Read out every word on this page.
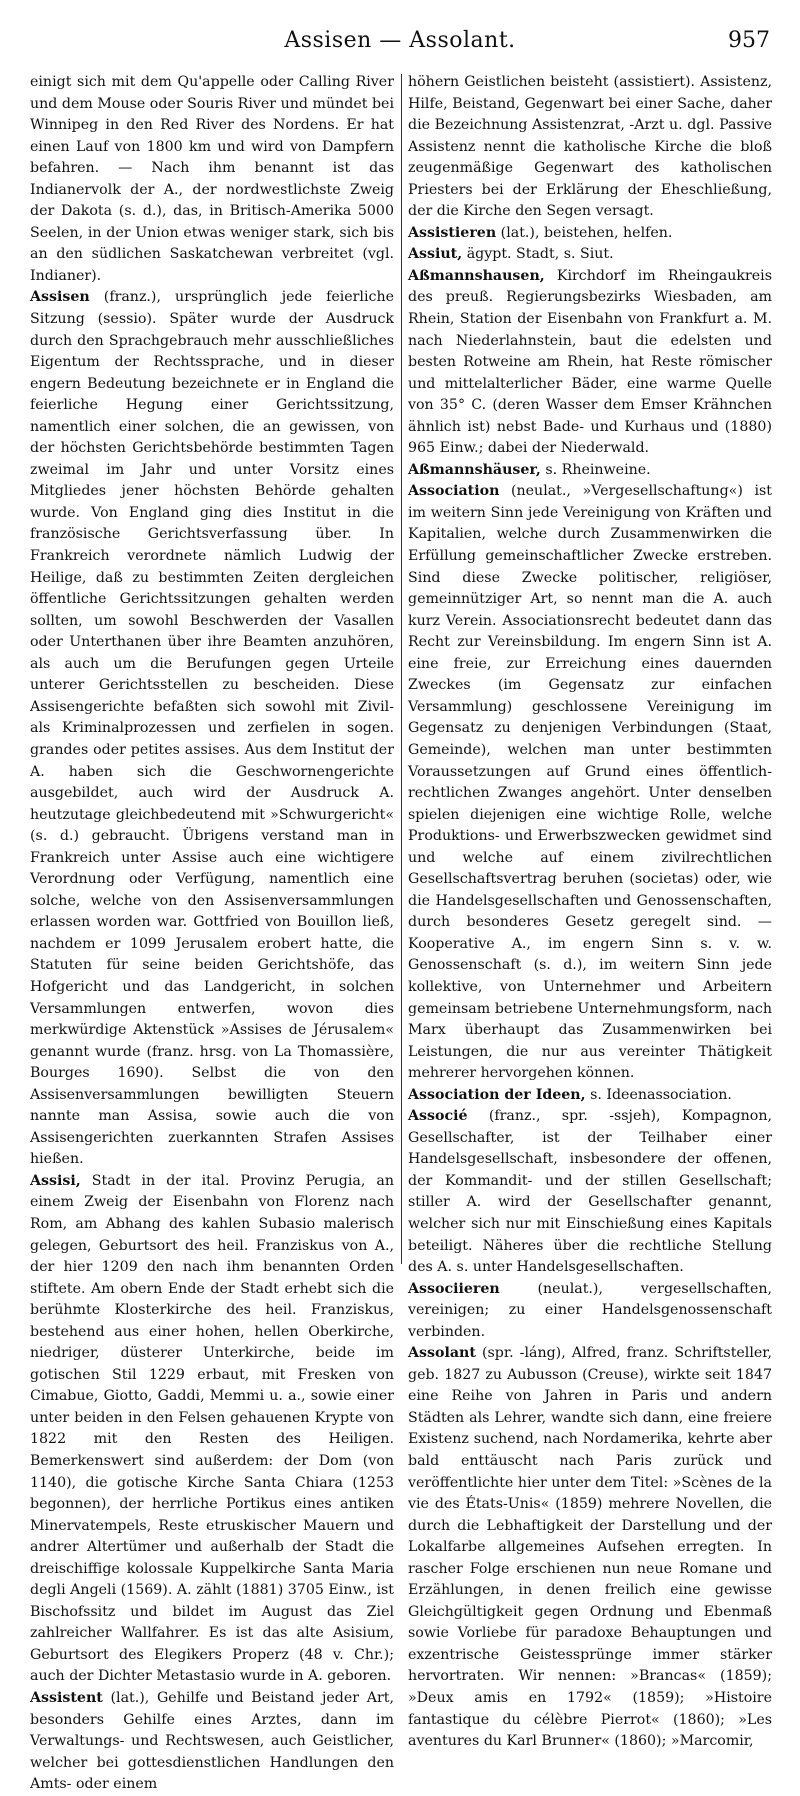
Assisen — Assolant.	957

einigt sich mit dem Qu'appelle oder Calling River und dem Mouse oder Souris River und mündet bei Winnipeg in den Red River des Nordens. Er hat einen Lauf von 1800 km und wird von Dampfern befahren. — Nach ihm benannt ist das Indianervolk der A., der nordwestlichste Zweig der Dakota (s. d.), das, in Britisch-Amerika 5000 Seelen, in der Union etwas weniger stark, sich bis an den südlichen Saskatchewan verbreitet (vgl. Indianer).

Assisen (franz.), ursprünglich jede feierliche Sitzung (sessio). Später wurde der Ausdruck durch den Sprachgebrauch mehr ausschließliches Eigentum der Rechtssprache, und in dieser engern Bedeutung bezeichnete er in England die feierliche Hegung einer Gerichtssitzung, namentlich einer solchen, die an gewissen, von der höchsten Gerichtsbehörde bestimmten Tagen zweimal im Jahr und unter Vorsitz eines Mitgliedes jener höchsten Behörde gehalten wurde. Von England ging dies Institut in die französische Gerichtsverfassung über. In Frankreich verordnete nämlich Ludwig der Heilige, daß zu bestimmten Zeiten dergleichen öffentliche Gerichtssitzungen gehalten werden sollten, um sowohl Beschwerden der Vasallen oder Unterthanen über ihre Beamten anzuhören, als auch um die Berufungen gegen Urteile unterer Gerichtsstellen zu bescheiden. Diese Assisengerichte befaßten sich sowohl mit Zivil- als Kriminalprozessen und zerfielen in sogen. grandes oder petites assises. Aus dem Institut der A. haben sich die Geschwornengerichte ausgebildet, auch wird der Ausdruck A. heutzutage gleichbedeutend mit »Schwurgericht« (s. d.) gebraucht. Übrigens verstand man in Frankreich unter Assise auch eine wichtigere Verordnung oder Verfügung, namentlich eine solche, welche von den Assisenversammlungen erlassen worden war. Gottfried von Bouillon ließ, nachdem er 1099 Jerusalem erobert hatte, die Statuten für seine beiden Gerichtshöfe, das Hofgericht und das Landgericht, in solchen Versammlungen entwerfen, wovon dies merkwürdige Aktenstück »Assises de Jérusalem« genannt wurde (franz. hrsg. von La Thomassière, Bourges 1690). Selbst die von den Assisenversammlungen bewilligten Steuern nannte man Assisa, sowie auch die von Assisengerichten zuerkannten Strafen Assises hießen.

Assisi, Stadt in der ital. Provinz Perugia, an einem Zweig der Eisenbahn von Florenz nach Rom, am Abhang des kahlen Subasio malerisch gelegen, Geburtsort des heil. Franziskus von A., der hier 1209 den nach ihm benannten Orden stiftete. Am obern Ende der Stadt erhebt sich die berühmte Klosterkirche des heil. Franziskus, bestehend aus einer hohen, hellen Oberkirche, niedriger, düsterer Unterkirche, beide im gotischen Stil 1229 erbaut, mit Fresken von Cimabue, Giotto, Gaddi, Memmi u. a., sowie einer unter beiden in den Felsen gehauenen Krypte von 1822 mit den Resten des Heiligen. Bemerkenswert sind außerdem: der Dom (von 1140), die gotische Kirche Santa Chiara (1253 begonnen), der herrliche Portikus eines antiken Minervatempels, Reste etruskischer Mauern und andrer Altertümer und außerhalb der Stadt die dreischiffige kolossale Kuppelkirche Santa Maria degli Angeli (1569). A. zählt (1881) 3705 Einw., ist Bischofssitz und bildet im August das Ziel zahlreicher Wallfahrer. Es ist das alte Asisium, Geburtsort des Elegikers Properz (48 v. Chr.); auch der Dichter Metastasio wurde in A. geboren.

Assistent (lat.), Gehilfe und Beistand jeder Art, besonders Gehilfe eines Arztes, dann im Verwaltungs- und Rechtswesen, auch Geistlicher, welcher bei gottesdienstlichen Handlungen den Amts- oder einem

höhern Geistlichen beisteht (assistiert). Assistenz, Hilfe, Beistand, Gegenwart bei einer Sache, daher die Bezeichnung Assistenzrat, -Arzt u. dgl. Passive Assistenz nennt die katholische Kirche die bloß zeugenmäßige Gegenwart des katholischen Priesters bei der Erklärung der Eheschließung, der die Kirche den Segen versagt.

Assistieren (lat.), beistehen, helfen.

Assiut, ägypt. Stadt, s. Siut.

Aßmannshausen, Kirchdorf im Rheingaukreis des preuß. Regierungsbezirks Wiesbaden, am Rhein, Station der Eisenbahn von Frankfurt a. M. nach Niederlahnstein, baut die edelsten und besten Rotweine am Rhein, hat Reste römischer und mittelalterlicher Bäder, eine warme Quelle von 35° C. (deren Wasser dem Emser Krähnchen ähnlich ist) nebst Bade- und Kurhaus und (1880) 965 Einw.; dabei der Niederwald.

Aßmannshäuser, s. Rheinweine.

Association (neulat., »Vergesellschaftung«) ist im weitern Sinn jede Vereinigung von Kräften und Kapitalien, welche durch Zusammenwirken die Erfüllung gemeinschaftlicher Zwecke erstreben. Sind diese Zwecke politischer, religiöser, gemeinnütziger Art, so nennt man die A. auch kurz Verein. Associationsrecht bedeutet dann das Recht zur Vereinsbildung. Im engern Sinn ist A. eine freie, zur Erreichung eines dauernden Zweckes (im Gegensatz zur einfachen Versammlung) geschlossene Vereinigung im Gegensatz zu denjenigen Verbindungen (Staat, Gemeinde), welchen man unter bestimmten Voraussetzungen auf Grund eines öffentlich-rechtlichen Zwanges angehört. Unter denselben spielen diejenigen eine wichtige Rolle, welche Produktions- und Erwerbszwecken gewidmet sind und welche auf einem zivilrechtlichen Gesellschaftsvertrag beruhen (societas) oder, wie die Handelsgesellschaften und Genossenschaften, durch besonderes Gesetz geregelt sind. — Kooperative A., im engern Sinn s. v. w. Genossenschaft (s. d.), im weitern Sinn jede kollektive, von Unternehmer und Arbeitern gemeinsam betriebene Unternehmungsform, nach Marx überhaupt das Zusammenwirken bei Leistungen, die nur aus vereinter Thätigkeit mehrerer hervorgehen können.

Association der Ideen, s. Ideenassociation.

Associé (franz., spr. -ssjeh), Kompagnon, Gesellschafter, ist der Teilhaber einer Handelsgesellschaft, insbesondere der offenen, der Kommandit- und der stillen Gesellschaft; stiller A. wird der Gesellschafter genannt, welcher sich nur mit Einschießung eines Kapitals beteiligt. Näheres über die rechtliche Stellung des A. s. unter Handelsgesellschaften.

Associieren (neulat.), vergesellschaften, vereinigen; zu einer Handelsgenossenschaft verbinden.

Assolant (spr. -láng), Alfred, franz. Schriftsteller, geb. 1827 zu Aubusson (Creuse), wirkte seit 1847 eine Reihe von Jahren in Paris und andern Städten als Lehrer, wandte sich dann, eine freiere Existenz suchend, nach Nordamerika, kehrte aber bald enttäuscht nach Paris zurück und veröffentlichte hier unter dem Titel: »Scènes de la vie des États-Unis« (1859) mehrere Novellen, die durch die Lebhaftigkeit der Darstellung und der Lokalfarbe allgemeines Aufsehen erregten. In rascher Folge erschienen nun neue Romane und Erzählungen, in denen freilich eine gewisse Gleichgültigkeit gegen Ordnung und Ebenmaß sowie Vorliebe für paradoxe Behauptungen und exzentrische Geistessprünge immer stärker hervortraten. Wir nennen: »Brancas« (1859); »Deux amis en 1792« (1859); »Histoire fantastique du célèbre Pierrot« (1860); »Les aventures du Karl Brunner« (1860); »Marcomir,
